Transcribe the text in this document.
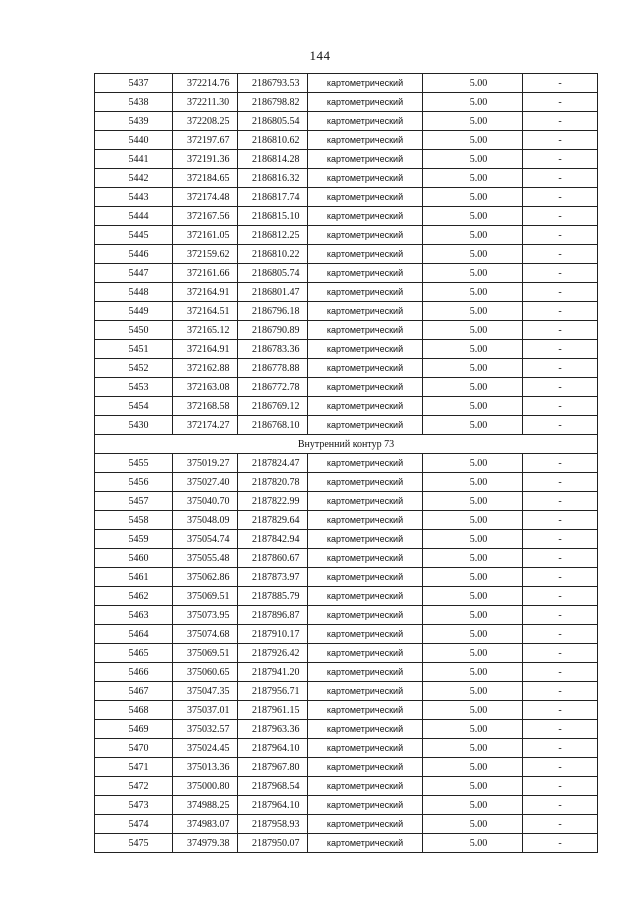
144
5437	372214.76	2186793.53	картометрический	5.00	-
5438	372211.30	2186798.82	картометрический	5.00	-
5439	372208.25	2186805.54	картометрический	5.00	-
5440	372197.67	2186810.62	картометрический	5.00	-
5441	372191.36	2186814.28	картометрический	5.00	-
5442	372184.65	2186816.32	картометрический	5.00	-
5443	372174.48	2186817.74	картометрический	5.00	-
5444	372167.56	2186815.10	картометрический	5.00	-
5445	372161.05	2186812.25	картометрический	5.00	-
5446	372159.62	2186810.22	картометрический	5.00	-
5447	372161.66	2186805.74	картометрический	5.00	-
5448	372164.91	2186801.47	картометрический	5.00	-
5449	372164.51	2186796.18	картометрический	5.00	-
5450	372165.12	2186790.89	картометрический	5.00	-
5451	372164.91	2186783.36	картометрический	5.00	-
5452	372162.88	2186778.88	картометрический	5.00	-
5453	372163.08	2186772.78	картометрический	5.00	-
5454	372168.58	2186769.12	картометрический	5.00	-
5430	372174.27	2186768.10	картометрический	5.00	-
Внутренний контур 73					
5455	375019.27	2187824.47	картометрический	5.00	-
5456	375027.40	2187820.78	картометрический	5.00	-
5457	375040.70	2187822.99	картометрический	5.00	-
5458	375048.09	2187829.64	картометрический	5.00	-
5459	375054.74	2187842.94	картометрический	5.00	-
5460	375055.48	2187860.67	картометрический	5.00	-
5461	375062.86	2187873.97	картометрический	5.00	-
5462	375069.51	2187885.79	картометрический	5.00	-
5463	375073.95	2187896.87	картометрический	5.00	-
5464	375074.68	2187910.17	картометрический	5.00	-
5465	375069.51	2187926.42	картометрический	5.00	-
5466	375060.65	2187941.20	картометрический	5.00	-
5467	375047.35	2187956.71	картометрический	5.00	-
5468	375037.01	2187961.15	картометрический	5.00	-
5469	375032.57	2187963.36	картометрический	5.00	-
5470	375024.45	2187964.10	картометрический	5.00	-
5471	375013.36	2187967.80	картометрический	5.00	-
5472	375000.80	2187968.54	картометрический	5.00	-
5473	374988.25	2187964.10	картометрический	5.00	-
5474	374983.07	2187958.93	картометрический	5.00	-
5475	374979.38	2187950.07	картометрический	5.00	-
